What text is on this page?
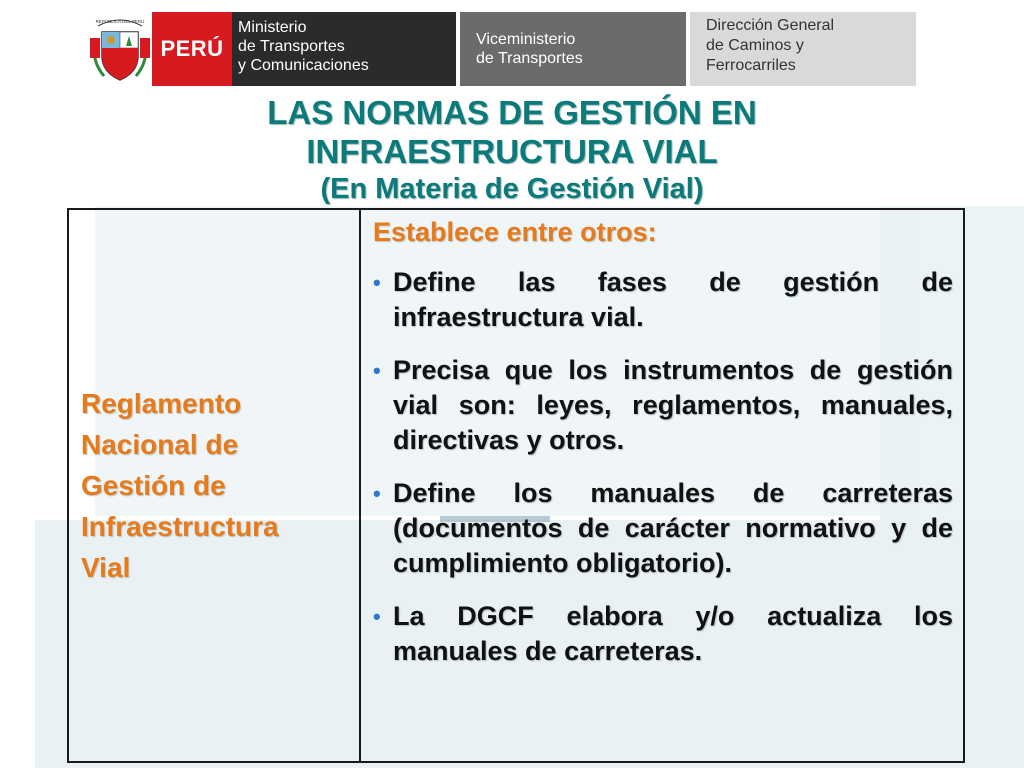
REPÚBLICA DEL PERÚ
PERÚ
Ministerio
de Transportes
y Comunicaciones
Viceministerio
de Transportes
Dirección General
de Caminos y
Ferrocarriles
LAS NORMAS DE GESTIÓN EN
INFRAESTRUCTURA VIAL
(En Materia de Gestión Vial)
Reglamento
Nacional de
Gestión de
Infraestructura
Vial
Establece entre otros:
• Define las fases de gestión de infraestructura vial.
• Precisa que los instrumentos de gestión vial son: leyes, reglamentos, manuales, directivas y otros.
• Define los manuales de carreteras (documentos de carácter normativo y de cumplimiento obligatorio).
• La DGCF elabora y/o actualiza los manuales de carreteras.
